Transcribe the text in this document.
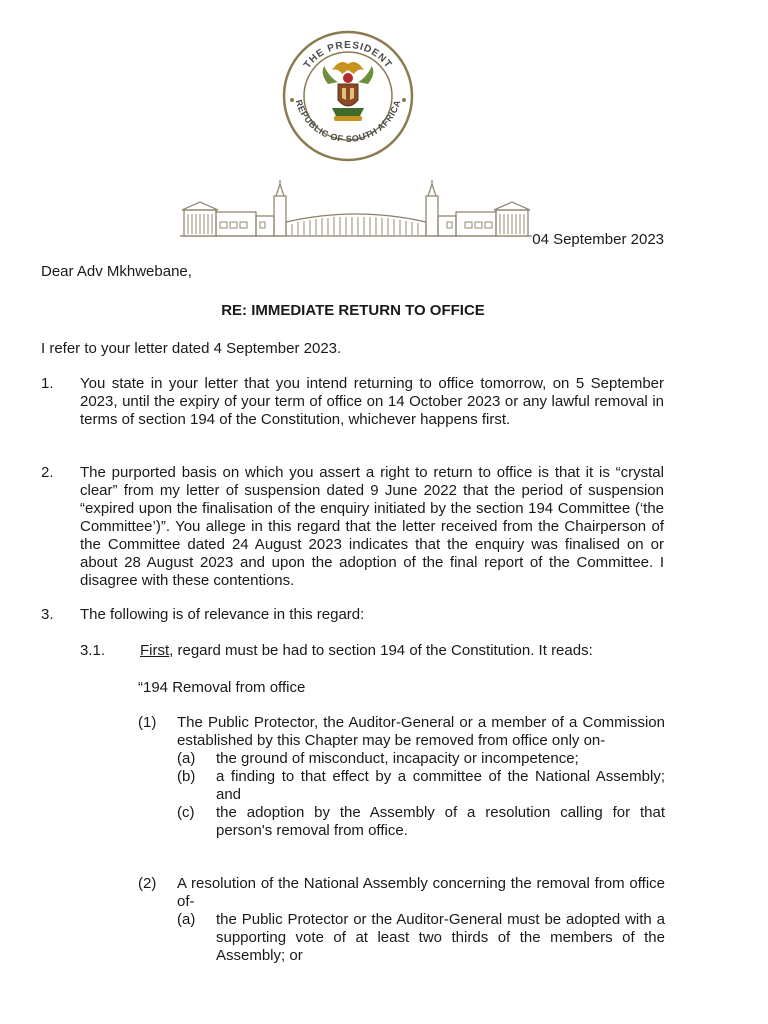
THE PRESIDENT
REPUBLIC OF SOUTH AFRICA
04 September 2023
Dear Adv Mkhwebane,
RE: IMMEDIATE RETURN TO OFFICE
I refer to your letter dated 4 September 2023.
1. You state in your letter that you intend returning to office tomorrow, on 5 September 2023, until the expiry of your term of office on 14 October 2023 or any lawful removal in terms of section 194 of the Constitution, whichever happens first.
2. The purported basis on which you assert a right to return to office is that it is “crystal clear” from my letter of suspension dated 9 June 2022 that the period of suspension “expired upon the finalisation of the enquiry initiated by the section 194 Committee (‘the Committee’)”. You allege in this regard that the letter received from the Chairperson of the Committee dated 24 August 2023 indicates that the enquiry was finalised on or about 28 August 2023 and upon the adoption of the final report of the Committee. I disagree with these contentions.
3. The following is of relevance in this regard:
3.1. First, regard must be had to section 194 of the Constitution. It reads:
“194 Removal from office
(1) The Public Protector, the Auditor-General or a member of a Commission established by this Chapter may be removed from office only on-
(a) the ground of misconduct, incapacity or incompetence;
(b) a finding to that effect by a committee of the National Assembly; and
(c) the adoption by the Assembly of a resolution calling for that person's removal from office.
(2) A resolution of the National Assembly concerning the removal from office of-
(a) the Public Protector or the Auditor-General must be adopted with a supporting vote of at least two thirds of the members of the Assembly; or
